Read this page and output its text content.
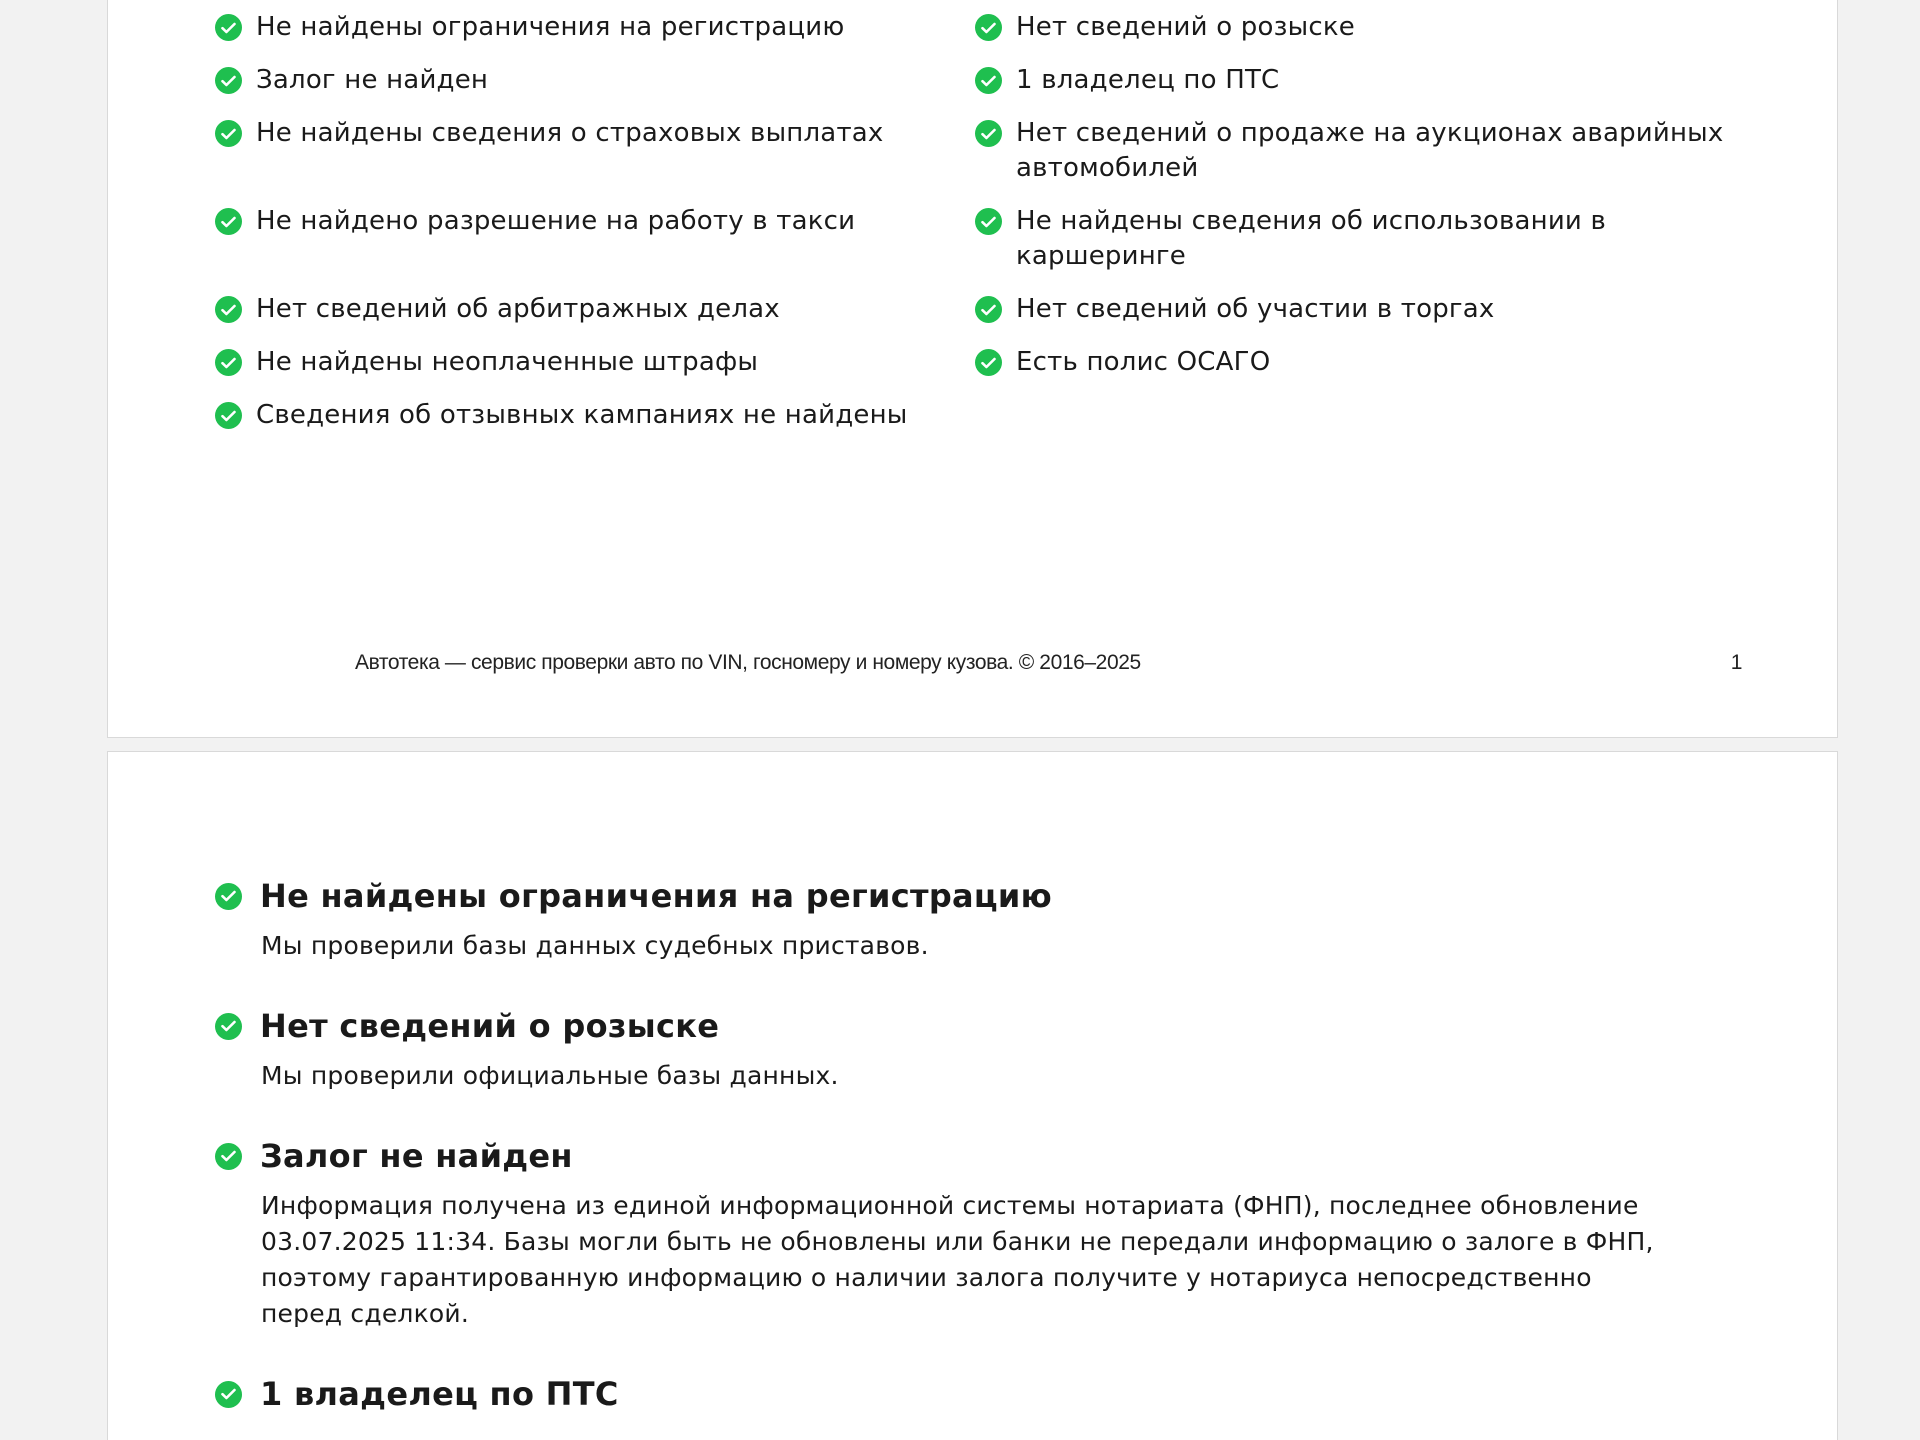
Не найдены ограничения на регистрацию	Нет сведений о розыске
Залог не найден	1 владелец по ПТС
Не найдены сведения о страховых выплатах	Нет сведений о продаже на аукционах аварийных автомобилей
Не найдено разрешение на работу в такси	Не найдены сведения об использовании в каршеринге
Нет сведений об арбитражных делах	Нет сведений об участии в торгах
Не найдены неоплаченные штрафы	Есть полис ОСАГО
Сведения об отзывных кампаниях не найдены
Автотека — сервис проверки авто по VIN, госномеру и номеру кузова. © 2016–2025	1
Не найдены ограничения на регистрацию
Мы проверили базы данных судебных приставов.
Нет сведений о розыске
Мы проверили официальные базы данных.
Залог не найден
Информация получена из единой информационной системы нотариата (ФНП), последнее обновление 03.07.2025 11:34. Базы могли быть не обновлены или банки не передали информацию о залоге в ФНП, поэтому гарантированную информацию о наличии залога получите у нотариуса непосредственно перед сделкой.
1 владелец по ПТС
